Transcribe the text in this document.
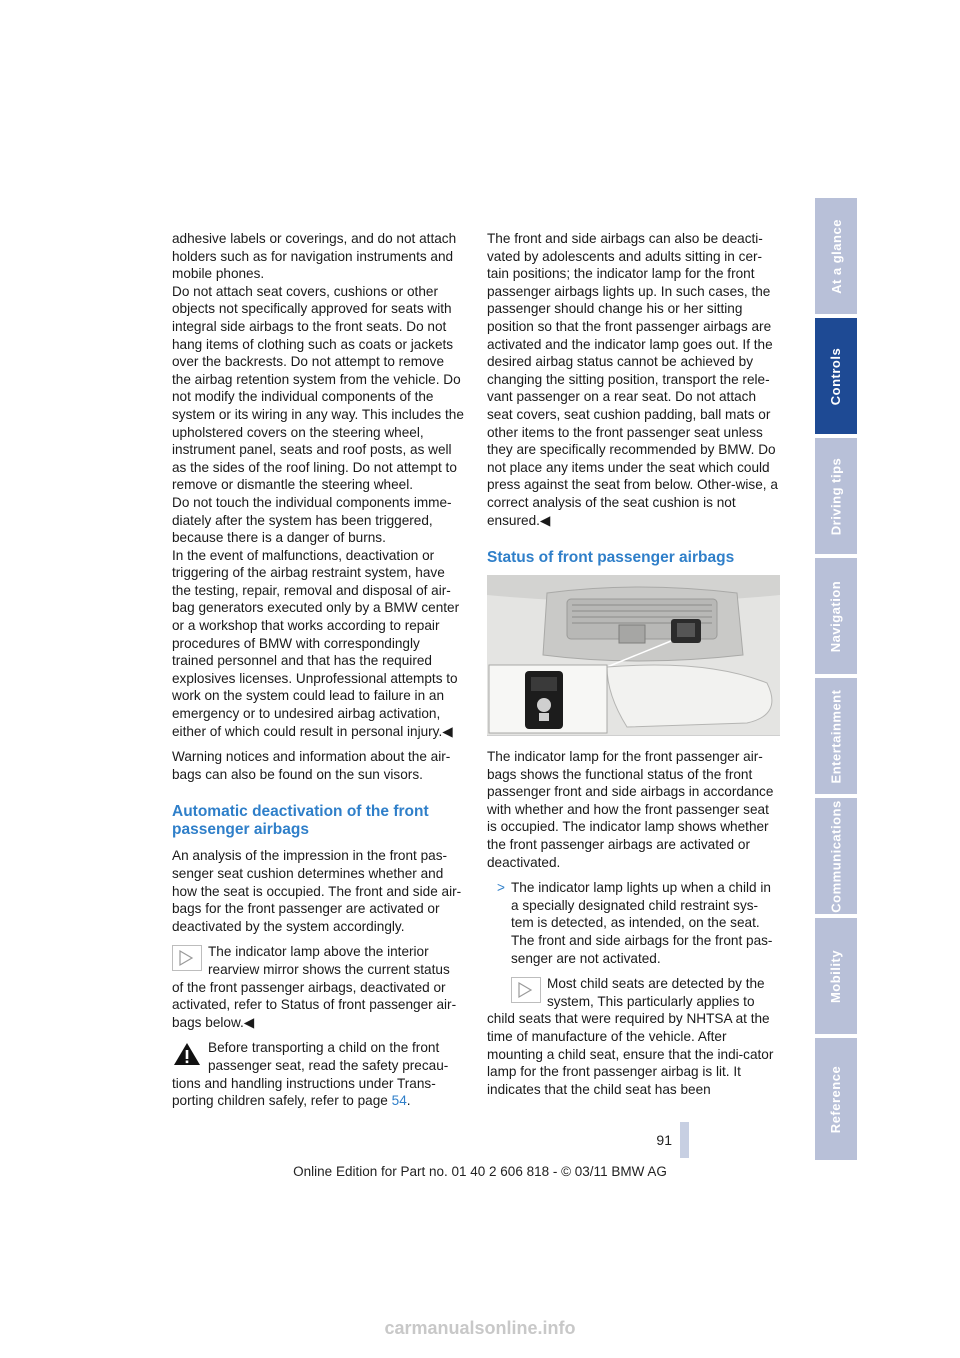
adhesive labels or coverings, and do not attach holders such as for navigation instruments and mobile phones.

Do not attach seat covers, cushions or other objects not specifically approved for seats with integral side airbags to the front seats. Do not hang items of clothing such as coats or jackets over the backrests. Do not attempt to remove the airbag retention system from the vehicle. Do not modify the individual components of the system or its wiring in any way. This includes the upholstered covers on the steering wheel, instrument panel, seats and roof posts, as well as the sides of the roof lining. Do not attempt to remove or dismantle the steering wheel.

Do not touch the individual components imme-diately after the system has been triggered, because there is a danger of burns.

In the event of malfunctions, deactivation or triggering of the airbag restraint system, have the testing, repair, removal and disposal of air-bag generators executed only by a BMW center or a workshop that works according to repair procedures of BMW with correspondingly trained personnel and that has the required explosives licenses. Unprofessional attempts to work on the system could lead to failure in an emergency or to undesired airbag activation, either of which could result in personal injury.◀

Warning notices and information about the air-bags can also be found on the sun visors.

Automatic deactivation of the front passenger airbags

An analysis of the impression in the front pas-senger seat cushion determines whether and how the seat is occupied. The front and side air-bags for the front passenger are activated or deactivated by the system accordingly.

The indicator lamp above the interior rearview mirror shows the current status
of the front passenger airbags, deactivated or activated, refer to Status of front passenger air-bags below.◀
Before transporting a child on the front passenger seat, read the safety precau-
tions and handling instructions under Trans-porting children safely, refer to page 54.

The front and side airbags can also be deacti-vated by adolescents and adults sitting in cer-tain positions; the indicator lamp for the front passenger airbags lights up. In such cases, the passenger should change his or her sitting position so that the front passenger airbags are activated and the indicator lamp goes out. If the desired airbag status cannot be achieved by changing the sitting position, transport the rele-vant passenger on a rear seat. Do not attach seat covers, seat cushion padding, ball mats or other items to the front passenger seat unless they are specifically recommended by BMW. Do not place any items under the seat which could press against the seat from below. Other-wise, a correct analysis of the seat cushion is not ensured.◀

Status of front passenger airbags

The indicator lamp for the front passenger air-bags shows the functional status of the front passenger front and side airbags in accordance with whether and how the front passenger seat is occupied. The indicator lamp shows whether the front passenger airbags are activated or deactivated.

> The indicator lamp lights up when a child in a specially designated child restraint sys-tem is detected, as intended, on the seat. The front and side airbags for the front pas-senger are not activated.
Most child seats are detected by the system, This particularly applies to
child seats that were required by NHTSA at the time of manufacture of the vehicle. After mounting a child seat, ensure that the indi-cator lamp for the front passenger airbag is lit. It indicates that the child seat has been
At a glance
Controls
Driving tips
Navigation
Entertainment
Communications
Mobility
Reference
91
Online Edition for Part no. 01 40 2 606 818 - © 03/11 BMW AG
carmanualsonline.info
